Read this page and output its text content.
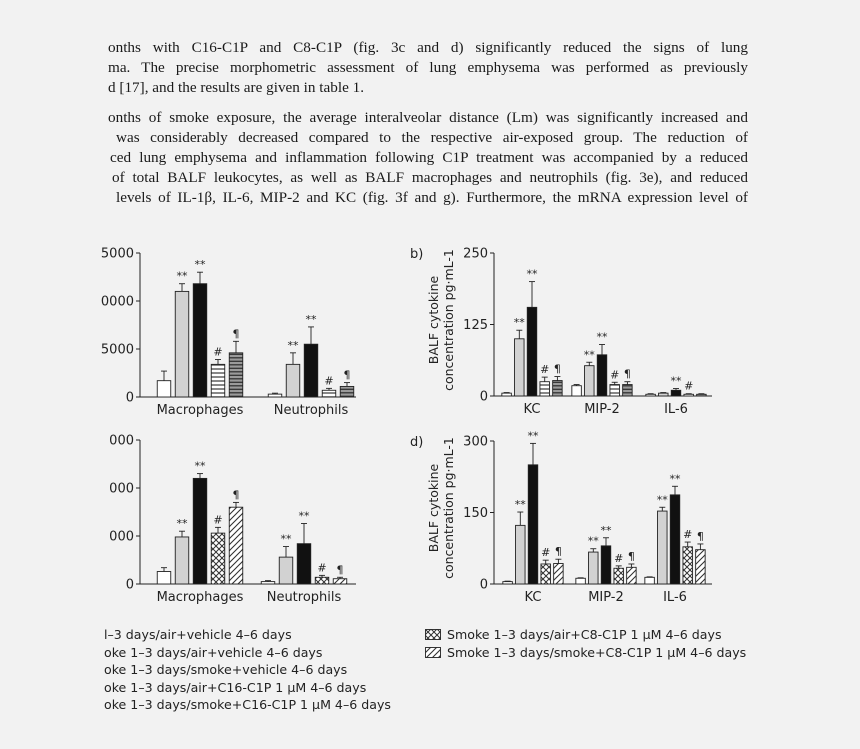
onths with C16-C1P and C8-C1P (fig. 3c and d) significantly reduced the signs of lung
ma. The precise morphometric assessment of lung emphysema was performed as previously
d [17], and the results are given in table 1.
onths of smoke exposure, the average interalveolar distance (Lm) was significantly increased and
was considerably decreased compared to the respective air-exposed group. The reduction of
ced lung emphysema and inflammation following C1P treatment was accompanied by a reduced
of total BALF leukocytes, as well as BALF macrophages and neutrophils (fig. 3e), and reduced
levels of IL-1β, IL-6, MIP-2 and KC (fig. 3f and g). Furthermore, the mRNA expression level of
5000
0000
5000
0
**
**
#
¶
Macrophages
**
**
# ¶
Neutrophils
250
125
0
b)
BALF cytokineconcentration pg·mL-1	**
**
# ¶
KC
**
**
# ¶
MIP-2
** #
IL-6
000
000
000
0
**
**
#
¶
Macrophages
**
**
# ¶
Neutrophils
300
150
0
d)
BALF cytokineconcentration pg·mL-1	**
**
# ¶
KC
**
**
# ¶
MIP-2
**
**
# ¶
IL-6
l–3 days/air+vehicle 4–6 days
oke 1–3 days/air+vehicle 4–6 days
oke 1–3 days/smoke+vehicle 4–6 days
oke 1–3 days/air+C16-C1P 1 µM 4–6 days
oke 1–3 days/smoke+C16-C1P 1 µM 4–6 days
Smoke 1–3 days/air+C8-C1P 1 µM 4–6 days
Smoke 1–3 days/smoke+C8-C1P 1 µM 4–6 days
